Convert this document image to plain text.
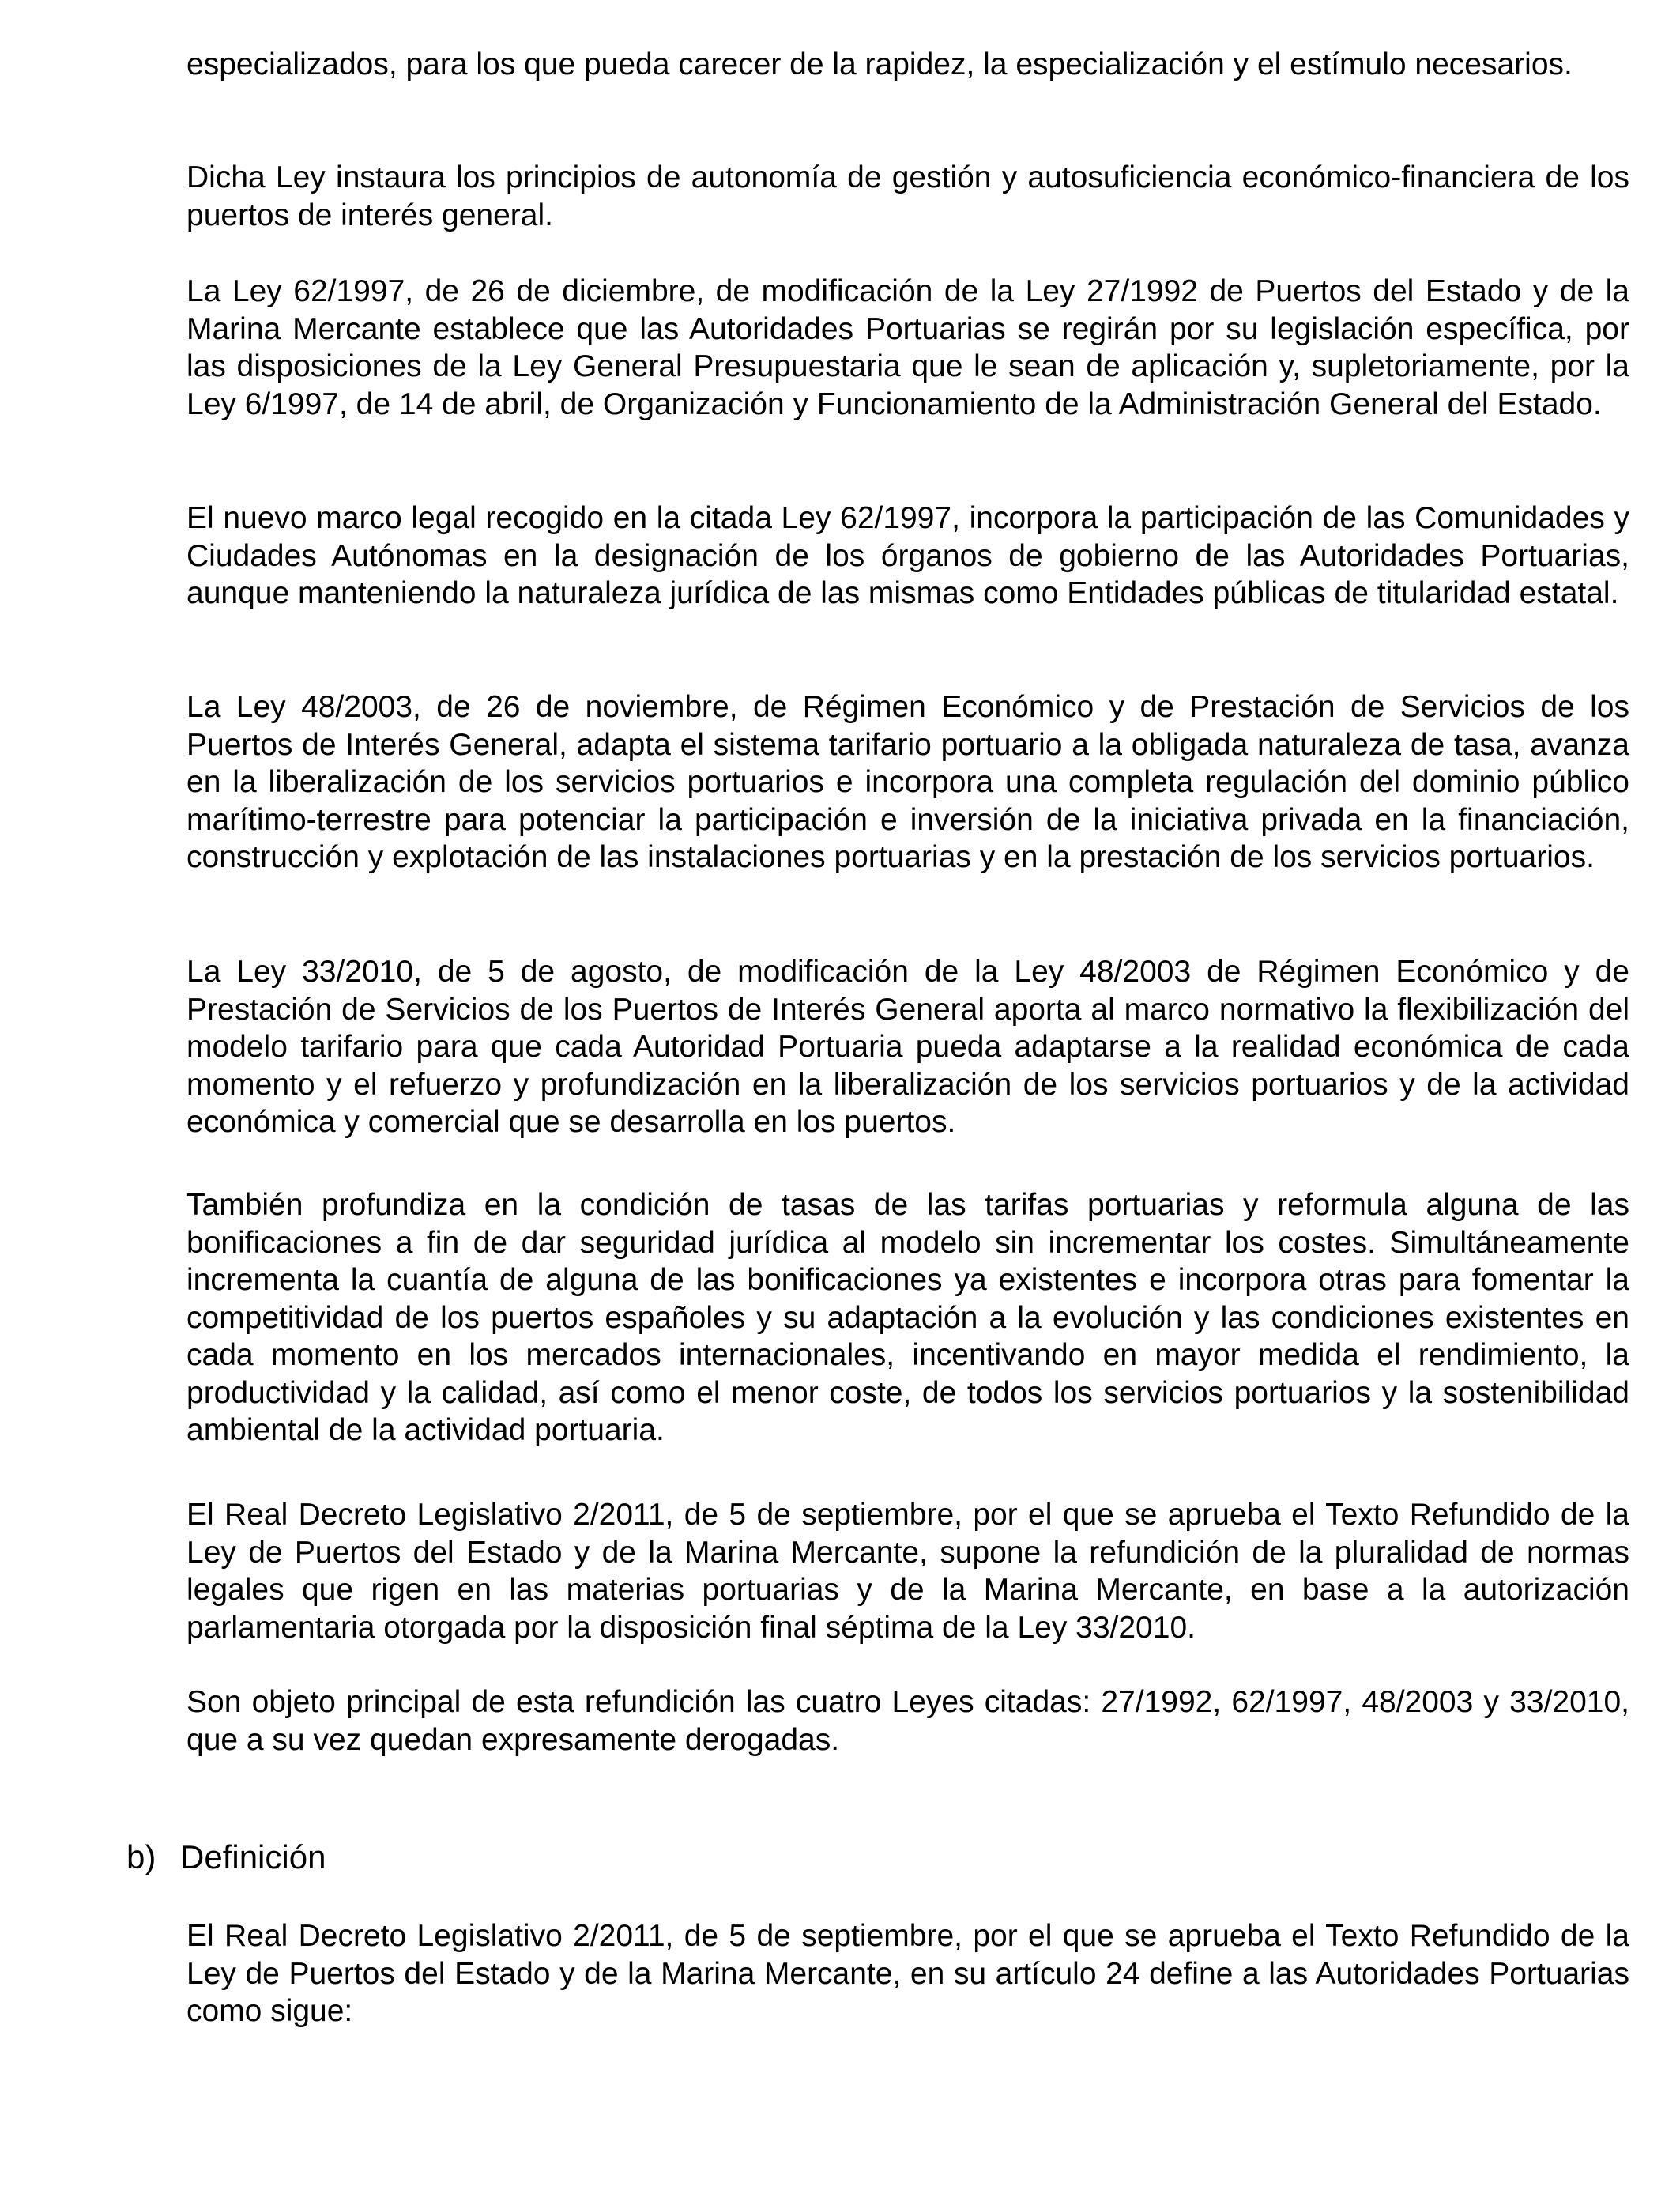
especializados, para los que pueda carecer de la rapidez, la especialización y el estímulo necesarios.

Dicha Ley instaura los principios de autonomía de gestión y autosuficiencia económico-financiera de los puertos de interés general.

La Ley 62/1997, de 26 de diciembre, de modificación de la Ley 27/1992 de Puertos del Estado y de la Marina Mercante establece que las Autoridades Portuarias se regirán por su legislación específica, por las disposiciones de la Ley General Presupuestaria que le sean de aplicación y, supletoriamente, por la Ley 6/1997, de 14 de abril, de Organización y Funcionamiento de la Administración General del Estado.

El nuevo marco legal recogido en la citada Ley 62/1997, incorpora la participación de las Comunidades y Ciudades Autónomas en la designación de los órganos de gobierno de las Autoridades Portuarias, aunque manteniendo la naturaleza jurídica de las mismas como Entidades públicas de titularidad estatal.

La Ley 48/2003, de 26 de noviembre, de Régimen Económico y de Prestación de Servicios de los Puertos de Interés General, adapta el sistema tarifario portuario a la obligada naturaleza de tasa, avanza en la liberalización de los servicios portuarios e incorpora una completa regulación del dominio público marítimo-terrestre para potenciar la participación e inversión de la iniciativa privada en la financiación, construcción y explotación de las instalaciones portuarias y en la prestación de los servicios portuarios.

La Ley 33/2010, de 5 de agosto, de modificación de la Ley 48/2003 de Régimen Económico y de Prestación de Servicios de los Puertos de Interés General aporta al marco normativo la flexibilización del modelo tarifario para que cada Autoridad Portuaria pueda adaptarse a la realidad económica de cada momento y el refuerzo y profundización en la liberalización de los servicios portuarios y de la actividad económica y comercial que se desarrolla en los puertos.

También profundiza en la condición de tasas de las tarifas portuarias y reformula alguna de las bonificaciones a fin de dar seguridad jurídica al modelo sin incrementar los costes. Simultáneamente incrementa la cuantía de alguna de las bonificaciones ya existentes e incorpora otras para fomentar la competitividad de los puertos españoles y su adaptación a la evolución y las condiciones existentes en cada momento en los mercados internacionales, incentivando en mayor medida el rendimiento, la productividad y la calidad, así como el menor coste, de todos los servicios portuarios y la sostenibilidad ambiental de la actividad portuaria.

El Real Decreto Legislativo 2/2011, de 5 de septiembre, por el que se aprueba el Texto Refundido de la Ley de Puertos del Estado y de la Marina Mercante, supone la refundición de la pluralidad de normas legales que rigen en las materias portuarias y de la Marina Mercante, en base a la autorización parlamentaria otorgada por la disposición final séptima de la Ley 33/2010.

Son objeto principal de esta refundición las cuatro Leyes citadas: 27/1992, 62/1997, 48/2003 y 33/2010, que a su vez quedan expresamente derogadas.

b) Definición

El Real Decreto Legislativo 2/2011, de 5 de septiembre, por el que se aprueba el Texto Refundido de la Ley de Puertos del Estado y de la Marina Mercante, en su artículo 24 define a las Autoridades Portuarias como sigue:
